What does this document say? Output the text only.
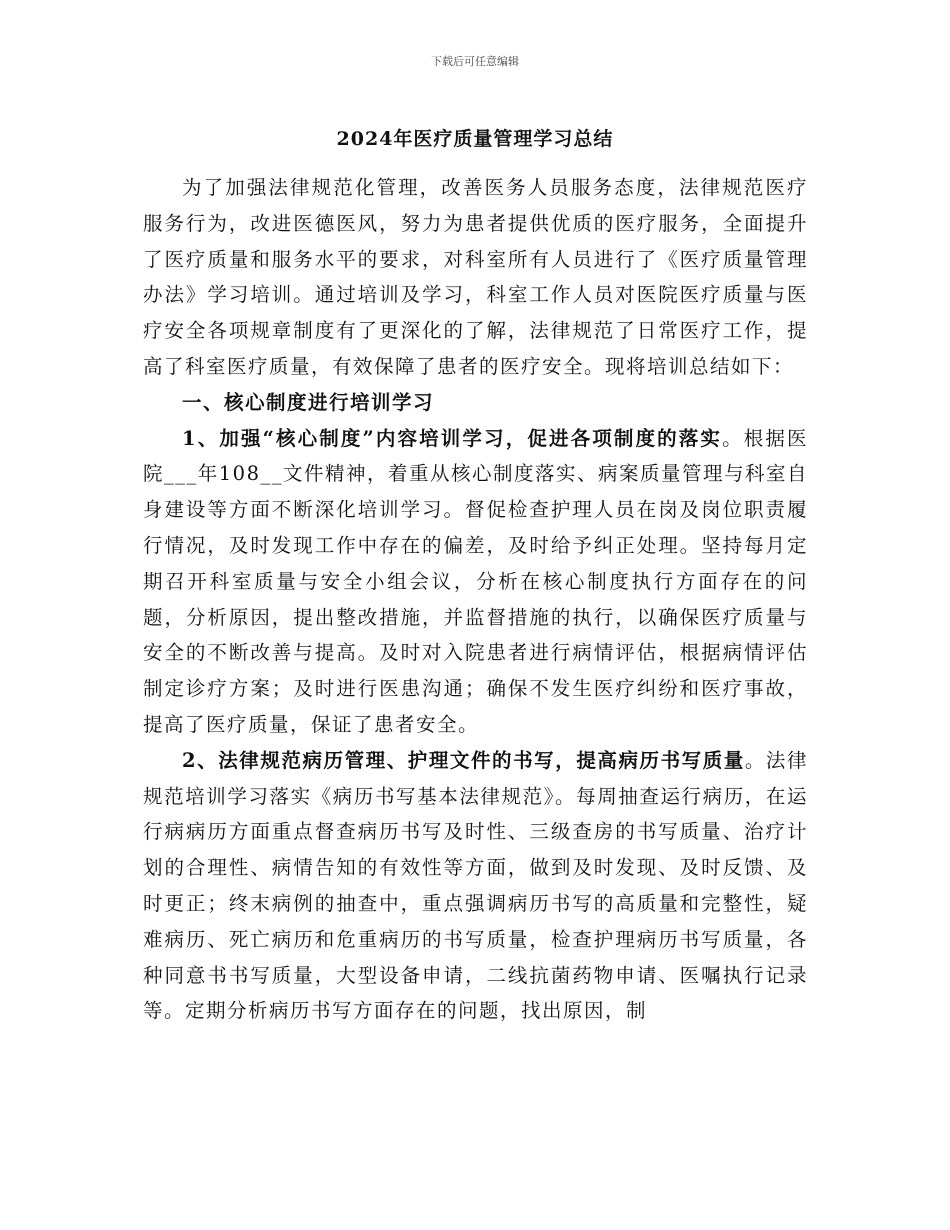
下载后可任意编辑
2024年医疗质量管理学习总结

为了加强法律规范化管理，改善医务人员服务态度，法律规范医疗服务行为，改进医德医风，努力为患者提供优质的医疗服务，全面提升了医疗质量和服务水平的要求，对科室所有人员进行了《医疗质量管理办法》学习培训。通过培训及学习，科室工作人员对医院医疗质量与医疗安全各项规章制度有了更深化的了解，法律规范了日常医疗工作，提高了科室医疗质量，有效保障了患者的医疗安全。现将培训总结如下：

一、核心制度进行培训学习

1、加强“核心制度”内容培训学习，促进各项制度的落实。根据医院___年108__文件精神，着重从核心制度落实、病案质量管理与科室自身建设等方面不断深化培训学习。督促检查护理人员在岗及岗位职责履行情况，及时发现工作中存在的偏差，及时给予纠正处理。坚持每月定期召开科室质量与安全小组会议，分析在核心制度执行方面存在的问题，分析原因，提出整改措施，并监督措施的执行，以确保医疗质量与安全的不断改善与提高。及时对入院患者进行病情评估，根据病情评估制定诊疗方案；及时进行医患沟通；确保不发生医疗纠纷和医疗事故，提高了医疗质量，保证了患者安全。

2、法律规范病历管理、护理文件的书写，提高病历书写质量。法律规范培训学习落实《病历书写基本法律规范》。每周抽查运行病历，在运行病病历方面重点督查病历书写及时性、三级查房的书写质量、治疗计划的合理性、病情告知的有效性等方面，做到及时发现、及时反馈、及时更正；终末病例的抽查中，重点强调病历书写的高质量和完整性，疑难病历、死亡病历和危重病历的书写质量，检查护理病历书写质量，各种同意书书写质量，大型设备申请，二线抗菌药物申请、医嘱执行记录等。定期分析病历书写方面存在的问题，找出原因，制
